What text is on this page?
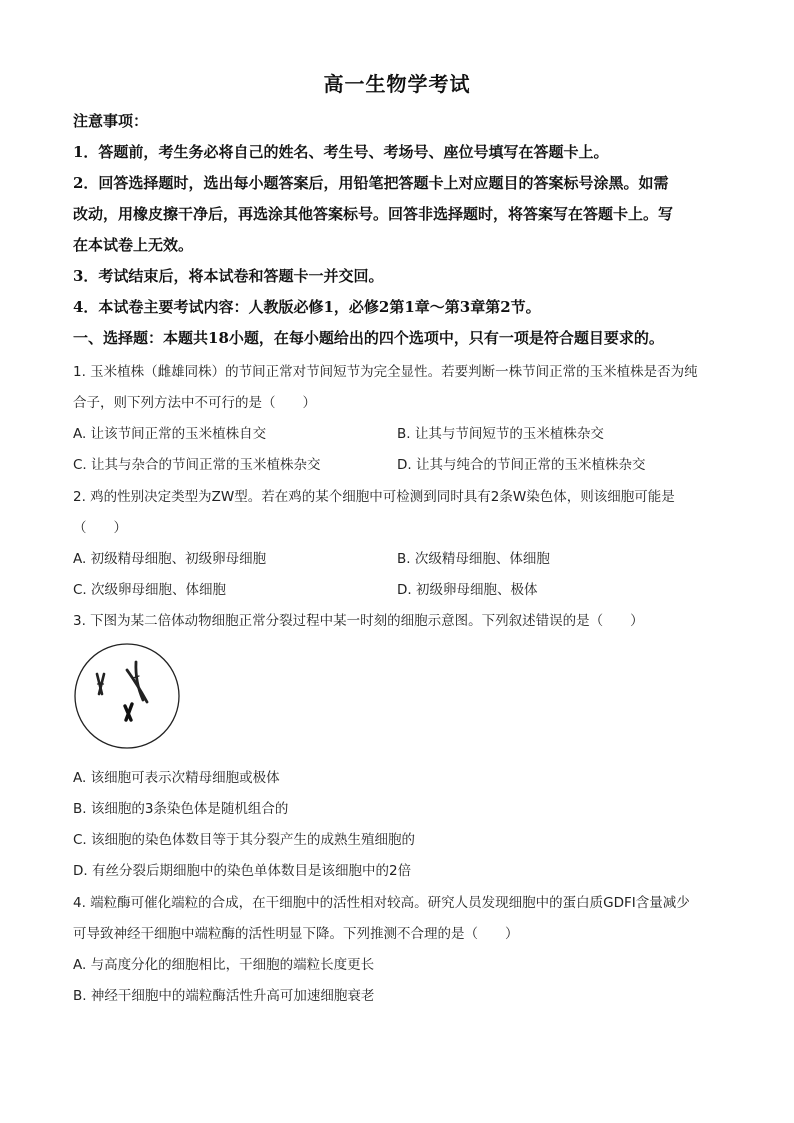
高一生物学考试
注意事项：
1．答题前，考生务必将自己的姓名、考生号、考场号、座位号填写在答题卡上。
2．回答选择题时，选出每小题答案后，用铅笔把答题卡上对应题目的答案标号涂黑。如需
改动，用橡皮擦干净后，再选涂其他答案标号。回答非选择题时，将答案写在答题卡上。写
在本试卷上无效。
3．考试结束后，将本试卷和答题卡一并交回。
4．本试卷主要考试内容：人教版必修1，必修2第1章～第3章第2节。
一、选择题：本题共18小题，在每小题给出的四个选项中，只有一项是符合题目要求的。
1. 玉米植株（雌雄同株）的节间正常对节间短节为完全显性。若要判断一株节间正常的玉米植株是否为纯
合子，则下列方法中不可行的是（　　）
A. 让该节间正常的玉米植株自交	B. 让其与节间短节的玉米植株杂交
C. 让其与杂合的节间正常的玉米植株杂交	D. 让其与纯合的节间正常的玉米植株杂交
2. 鸡的性别决定类型为ZW型。若在鸡的某个细胞中可检测到同时具有2条W染色体，则该细胞可能是
（　　）
A. 初级精母细胞、初级卵母细胞	B. 次级精母细胞、体细胞
C. 次级卵母细胞、体细胞	D. 初级卵母细胞、极体
3. 下图为某二倍体动物细胞正常分裂过程中某一时刻的细胞示意图。下列叙述错误的是（　　）
A. 该细胞可表示次精母细胞或极体
B. 该细胞的3条染色体是随机组合的
C. 该细胞的染色体数目等于其分裂产生的成熟生殖细胞的
D. 有丝分裂后期细胞中的染色单体数目是该细胞中的2倍
4. 端粒酶可催化端粒的合成，在干细胞中的活性相对较高。研究人员发现细胞中的蛋白质GDFI含量减少
可导致神经干细胞中端粒酶的活性明显下降。下列推测不合理的是（　　）
A. 与高度分化的细胞相比，干细胞的端粒长度更长
B. 神经干细胞中的端粒酶活性升高可加速细胞衰老
